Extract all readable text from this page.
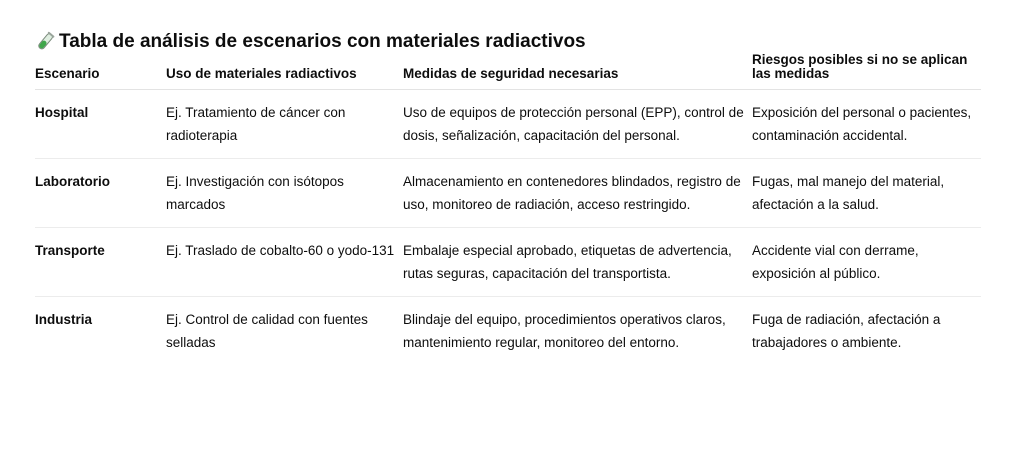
Tabla de análisis de escenarios con materiales radiactivos
Escenario	Uso de materiales radiactivos	Medidas de seguridad necesarias	Riesgos posibles si no se aplican las medidas
Hospital	Ej. Tratamiento de cáncer con radioterapia	Uso de equipos de protección personal (EPP), control de dosis, señalización, capacitación del personal.	Exposición del personal o pacientes, contaminación accidental.
Laboratorio	Ej. Investigación con isótopos marcados	Almacenamiento en contenedores blindados, registro de uso, monitoreo de radiación, acceso restringido.	Fugas, mal manejo del material, afectación a la salud.
Transporte	Ej. Traslado de cobalto-60 o yodo-131	Embalaje especial aprobado, etiquetas de advertencia, rutas seguras, capacitación del transportista.	Accidente vial con derrame, exposición al público.
Industria	Ej. Control de calidad con fuentes selladas	Blindaje del equipo, procedimientos operativos claros, mantenimiento regular, monitoreo del entorno.	Fuga de radiación, afectación a trabajadores o ambiente.
